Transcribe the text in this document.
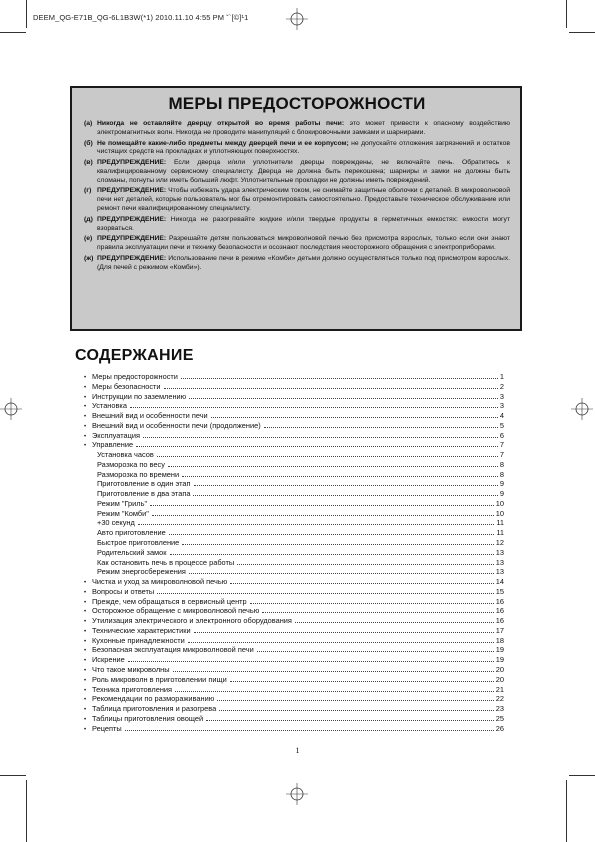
DEEM_QG-E71B_QG-6L1B3W(*1) 2010.11.10 4:55 PM ˘`[©]¹1
МЕРЫ ПРЕДОСТОРОЖНОСТИ
(а) Никогда не оставляйте дверцу открытой во время работы печи: это может привести к опасному воздействию электромагнитных волн. Никогда не проводите манипуляций с блокировочными замками и шарнирами.
(б) Не помещайте какие-либо предметы между дверцей печи и ее корпусом; не допускайте отложения загрязнений и остатков чистящих средств на прокладках и уплотняющих поверхностях.
(в) ПРЕДУПРЕЖДЕНИЕ: Если дверца и/или уплотнители дверцы повреждены, не включайте печь. Обратитесь к квалифицированному сервисному специалисту. Дверца не должна быть перекошена; шарниры и замки не должны быть сломаны, погнуты или иметь больший люфт. Уплотнительные прокладки не должны иметь повреждений.
(г) ПРЕДУПРЕЖДЕНИЕ: Чтобы избежать удара электрическим током, не снимайте защитные оболочки с деталей. В микроволновой печи нет деталей, которые пользователь мог бы отремонтировать самостоятельно. Предоставьте техническое обслуживание или ремонт печи квалифицированному специалисту.
(д) ПРЕДУПРЕЖДЕНИЕ: Никогда не разогревайте жидкие и/или твердые продукты в герметичных емкостях: емкости могут взорваться.
(е) ПРЕДУПРЕЖДЕНИЕ: Разрешайте детям пользоваться микроволновой печью без присмотра взрослых, только если они знают правила эксплуатации печи и технику безопасности и осознают последствия неосторожного обращения с электроприборами.
(ж) ПРЕДУПРЕЖДЕНИЕ: Использование печи в режиме «Комби» детьми должно осуществляться только под присмотром взрослых. (Для печей с режимом «Комби»).
СОДЕРЖАНИЕ
• Меры предосторожности	1
• Меры безопасности	2
• Инструкции по заземлению	3
• Установка	3
• Внешний вид и особенности печи	4
• Внешний вид и особенности печи (продолжение)	5
• Эксплуатация	6
• Управление	7
Установка часов	7
Разморозка по весу	8
Разморозка по времени	8
Приготовление в один этап	9
Приготовление в два этапа	9
Режим "Гриль"	10
Режим "Комби"	10
+30 секунд	11
Авто приготовление	11
Быстрое приготовление	12
Родительский замок	13
Как остановить печь в процессе работы	13
Режим энергосбережения	13
• Чистка и уход за микроволновой печью	14
• Вопросы и ответы	15
• Прежде, чем обращаться в сервисный центр	16
• Осторожное обращение с микроволновой печью	16
• Утилизация электрического и электронного оборудования	16
• Технические характеристики	17
• Кухонные принадлежности	18
• Безопасная эксплуатация микроволновой печи	19
• Искрение	19
• Что такое микроволны	20
• Роль микроволн в приготовлении пищи	20
• Техника приготовления	21
• Рекомендации по размораживанию	22
• Таблица приготовления и разогрева	23
• Таблицы приготовления овощей	25
• Рецепты	26
1
